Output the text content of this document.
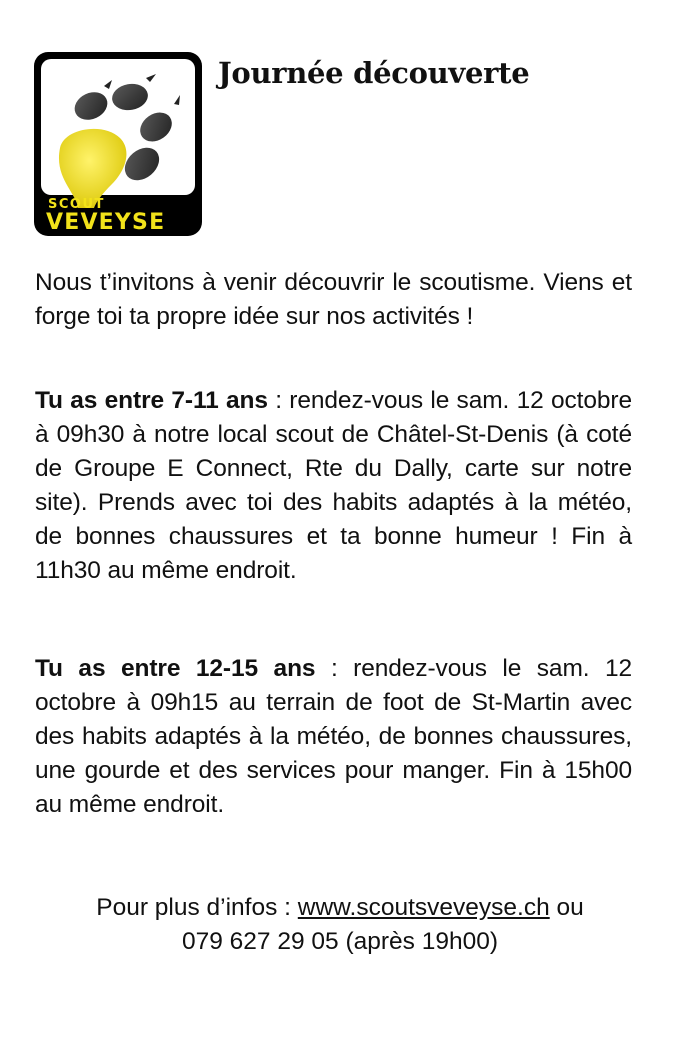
SCOUT
VEVEYSE
Journée découverte

Nous t’invitons à venir découvrir le scoutisme. Viens et forge toi ta propre idée sur nos activités !

Tu as entre 7-11 ans : rendez-vous le sam. 12 octobre à 09h30 à notre local scout de Châtel-St-Denis (à coté de Groupe E Connect, Rte du Dally, carte sur notre site). Prends avec toi des habits adaptés à la météo, de bonnes chaussures et ta bonne humeur ! Fin à 11h30 au même endroit.

Tu as entre 12-15 ans : rendez-vous le sam. 12 octobre à 09h15 au terrain de foot de St-Martin avec des habits adaptés à la météo, de bonnes chaussures, une gourde et des services pour manger. Fin à 15h00 au même endroit.

Pour plus d’infos : www.scoutsveveyse.ch ou
079 627 29 05 (après 19h00)
